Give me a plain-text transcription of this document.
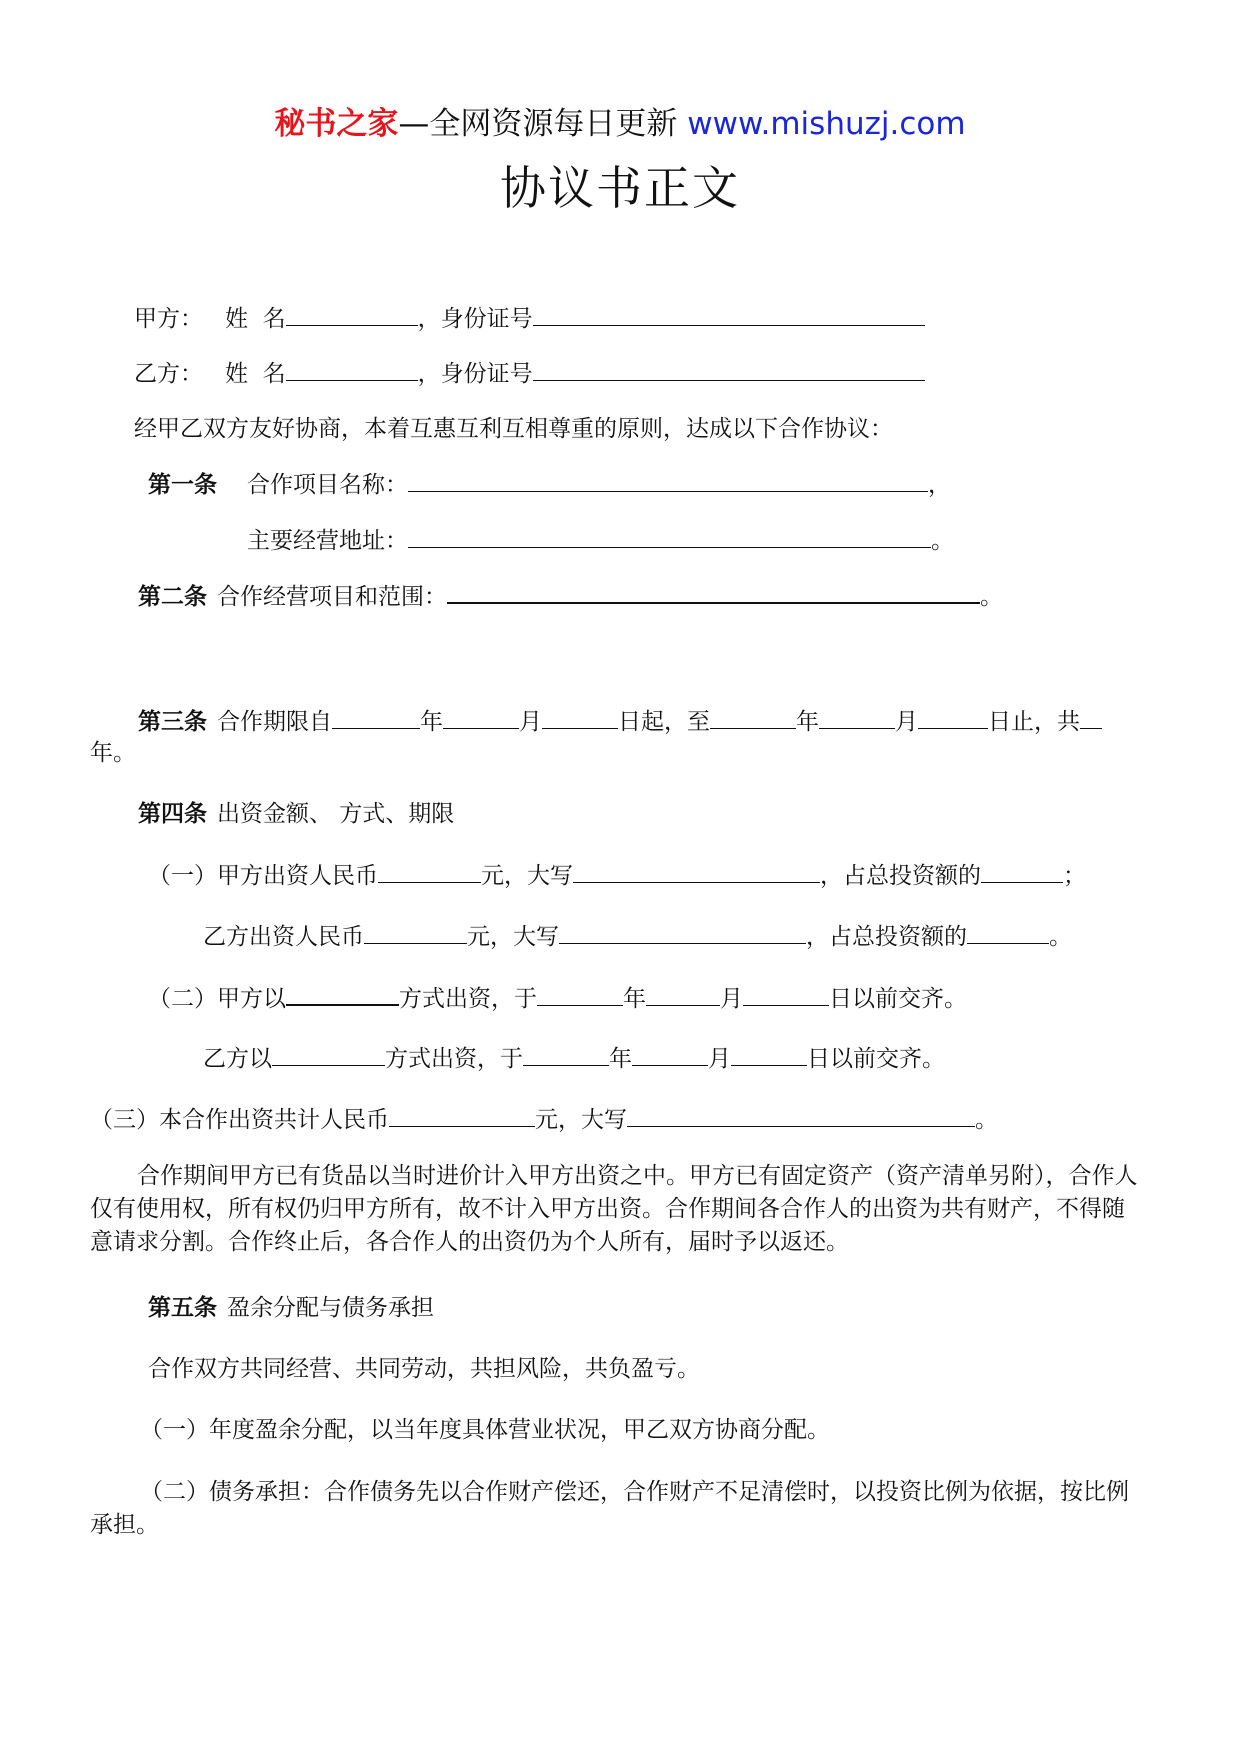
秘书之家—全网资源每日更新 www.mishuzj.com
协议书正文
甲方： 姓  名	，身份证号
乙方： 姓  名	，身份证号
经甲乙双方友好协商，本着互惠互利互相尊重的原则，达成以下合作协议：
第一条 合作项目名称：	，
主要经营地址：	。
第二条 合作经营项目和范围：	。
第三条 合作期限自	年	月	日起，至	年	月	日止，共
年。
第四条 出资金额、 方式、期限
（一）甲方出资人民币	元，大写	，占总投资额的	；
乙方出资人民币	元，大写	，占总投资额的	。
（二）甲方以	方式出资，于	年	月	日以前交齐。
乙方以	方式出资，于	年	月	日以前交齐。
（三）本合作出资共计人民币	元，大写	。
合作期间甲方已有货品以当时进价计入甲方出资之中。甲方已有固定资产（资产清单另附），合作人仅有使用权，所有权仍归甲方所有，故不计入甲方出资。合作期间各合作人的出资为共有财产，不得随意请求分割。合作终止后，各合作人的出资仍为个人所有，届时予以返还。
第五条 盈余分配与债务承担
合作双方共同经营、共同劳动，共担风险，共负盈亏。
（一）年度盈余分配，以当年度具体营业状况，甲乙双方协商分配。
（二）债务承担：合作债务先以合作财产偿还，合作财产不足清偿时，以投资比例为依据，按比例承担。
